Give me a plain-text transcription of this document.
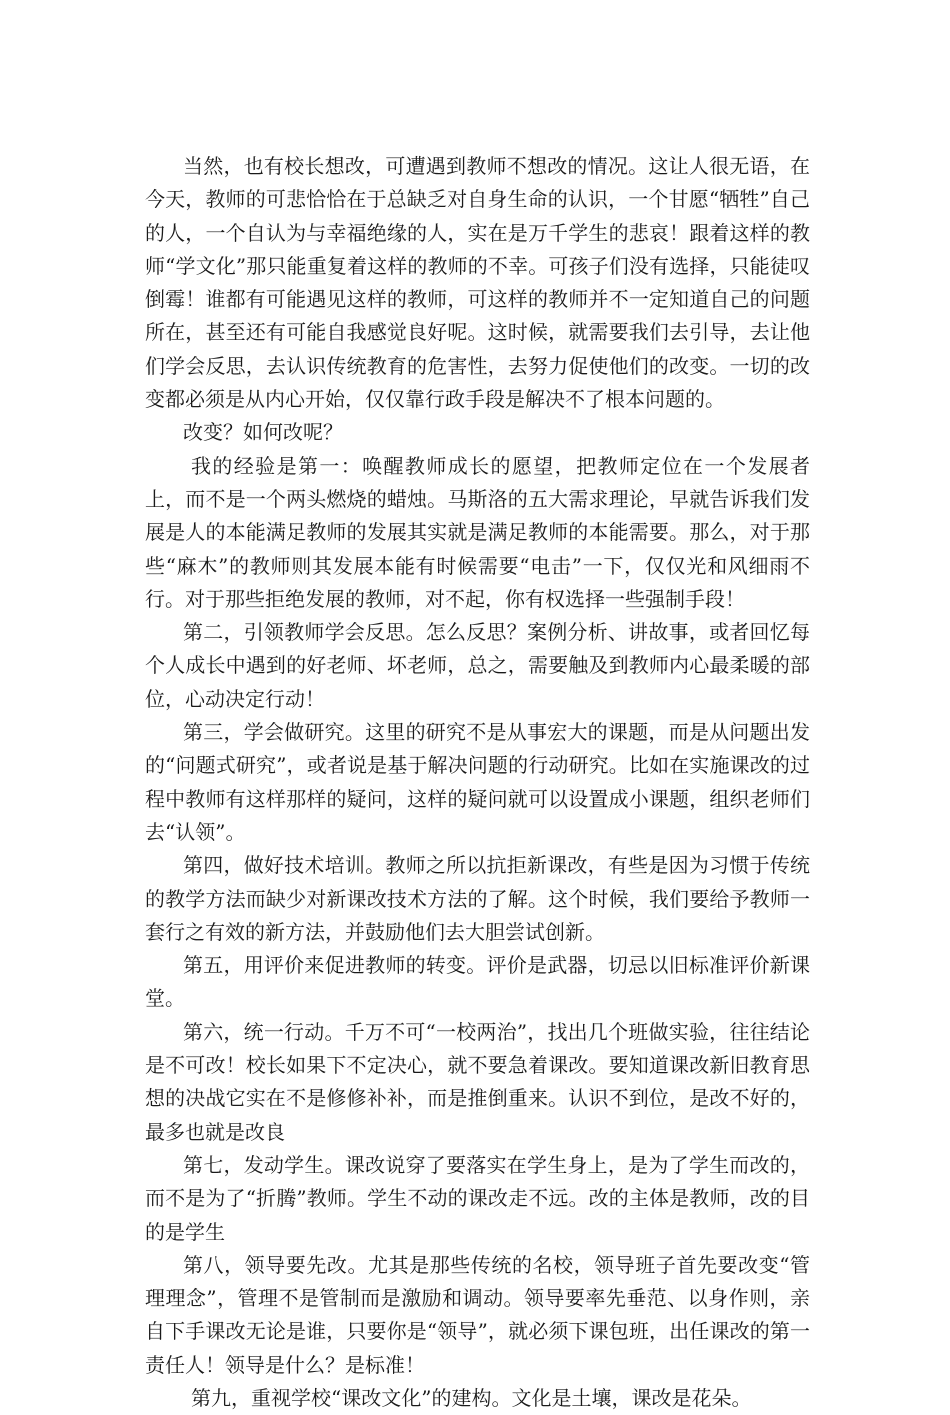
当然，也有校长想改，可遭遇到教师不想改的情况。这让人很无语，在今天，教师的可悲恰恰在于总缺乏对自身生命的认识，一个甘愿“牺牲”自己的人，一个自认为与幸福绝缘的人，实在是万千学生的悲哀！跟着这样的教师“学文化”那只能重复着这样的教师的不幸。可孩子们没有选择，只能徒叹倒霉！谁都有可能遇见这样的教师，可这样的教师并不一定知道自己的问题所在，甚至还有可能自我感觉良好呢。这时候，就需要我们去引导，去让他们学会反思，去认识传统教育的危害性，去努力促使他们的改变。一切的改变都必须是从内心开始，仅仅靠行政手段是解决不了根本问题的。

改变？如何改呢？

我的经验是第一：唤醒教师成长的愿望，把教师定位在一个发展者上，而不是一个两头燃烧的蜡烛。马斯洛的五大需求理论，早就告诉我们发展是人的本能满足教师的发展其实就是满足教师的本能需要。那么，对于那些“麻木”的教师则其发展本能有时候需要“电击”一下，仅仅光和风细雨不行。对于那些拒绝发展的教师，对不起，你有权选择一些强制手段！

第二，引领教师学会反思。怎么反思？案例分析、讲故事，或者回忆每个人成长中遇到的好老师、坏老师，总之，需要触及到教师内心最柔暖的部位，心动决定行动！

第三，学会做研究。这里的研究不是从事宏大的课题，而是从问题出发的“问题式研究”，或者说是基于解决问题的行动研究。比如在实施课改的过程中教师有这样那样的疑问，这样的疑问就可以设置成小课题，组织老师们去“认领”。

第四，做好技术培训。教师之所以抗拒新课改，有些是因为习惯于传统的教学方法而缺少对新课改技术方法的了解。这个时候，我们要给予教师一套行之有效的新方法，并鼓励他们去大胆尝试创新。

第五，用评价来促进教师的转变。评价是武器，切忌以旧标准评价新课堂。

第六，统一行动。千万不可“一校两治”，找出几个班做实验，往往结论是不可改！校长如果下不定决心，就不要急着课改。要知道课改新旧教育思想的决战它实在不是修修补补，而是推倒重来。认识不到位，是改不好的，最多也就是改良

第七，发动学生。课改说穿了要落实在学生身上，是为了学生而改的，而不是为了“折腾”教师。学生不动的课改走不远。改的主体是教师，改的目的是学生

第八，领导要先改。尤其是那些传统的名校，领导班子首先要改变“管理理念”，管理不是管制而是激励和调动。领导要率先垂范、以身作则，亲自下手课改无论是谁，只要你是“领导”，就必须下课包班，出任课改的第一责任人！领导是什么？是标准！

第九，重视学校“课改文化”的建构。文化是土壤，课改是花朵。
